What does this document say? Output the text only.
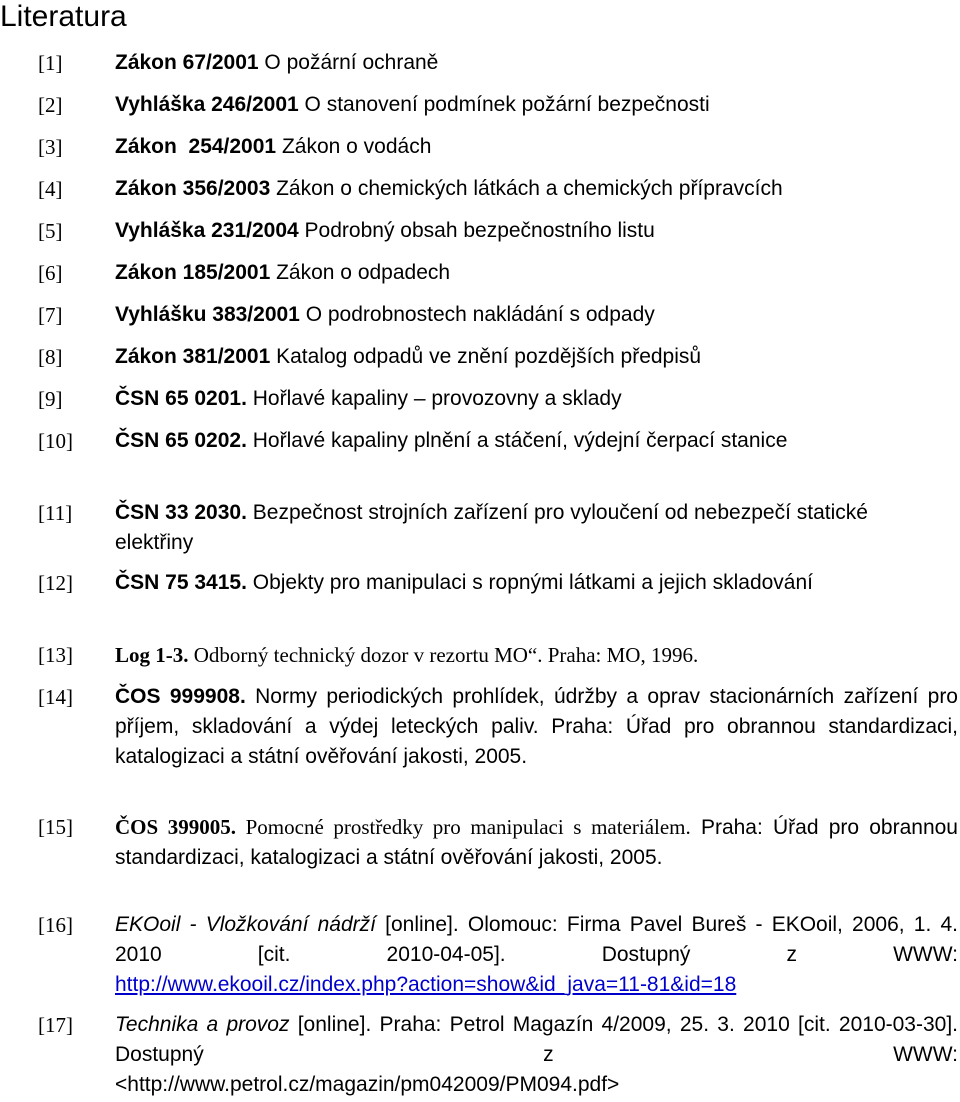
Literatura
[1]	Zákon 67/2001 O požární ochraně
[2]	Vyhláška 246/2001 O stanovení podmínek požární bezpečnosti
[3]	Zákon  254/2001 Zákon o vodách
[4]	Zákon 356/2003 Zákon o chemických látkách a chemických přípravcích
[5]	Vyhláška 231/2004 Podrobný obsah bezpečnostního listu
[6]	Zákon 185/2001 Zákon o odpadech
[7]	Vyhlášku 383/2001 O podrobnostech nakládání s odpady
[8]	Zákon 381/2001 Katalog odpadů ve znění pozdějších předpisů
[9]	ČSN 65 0201. Hořlavé kapaliny – provozovny a sklady
[10] ČSN 65 0202. Hořlavé kapaliny plnění a stáčení, výdejní čerpací stanice
[11] ČSN 33 2030. Bezpečnost strojních zařízení pro vyloučení od nebezpečí statické elektřiny
[12] ČSN 75 3415. Objekty pro manipulaci s ropnými látkami a jejich skladování
[13] Log 1-3. Odborný technický dozor v rezortu MO“. Praha: MO, 1996.
[14] ČOS 999908. Normy periodických prohlídek, údržby a oprav stacionárních zařízení pro příjem, skladování a výdej leteckých paliv. Praha: Úřad pro obrannou standardizaci, katalogizaci a státní ověřování jakosti, 2005.
[15] ČOS 399005. Pomocné prostředky pro manipulaci s materiálem. Praha: Úřad pro obrannou standardizaci, katalogizaci a státní ověřování jakosti, 2005.
[16] EKOoil - Vložkování nádrží [online]. Olomouc: Firma Pavel Bureš - EKOoil, 2006, 1. 4. 2010 [cit. 2010-04-05]. Dostupný z WWW:
http://www.ekooil.cz/index.php?action=show&id_java=11-81&id=18
[17] Technika a provoz [online]. Praha: Petrol Magazín 4/2009, 25. 3. 2010 [cit. 2010-03-30]. Dostupný z WWW:
<http://www.petrol.cz/magazin/pm042009/PM094.pdf>
